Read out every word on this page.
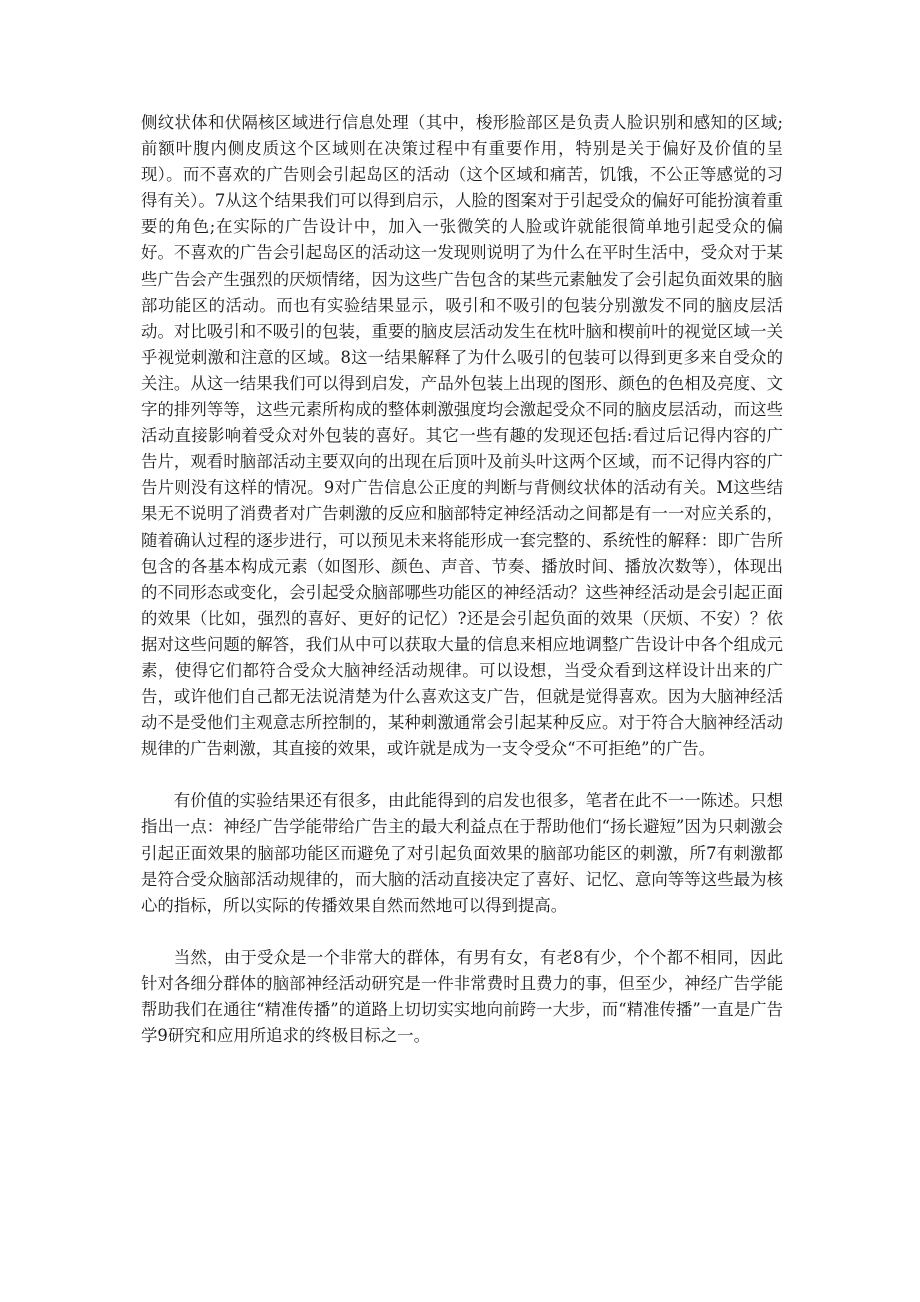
侧纹状体和伏隔核区域进行信息处理（其中，梭形脸部区是负责人脸识别和感知的区域;前额叶腹内侧皮质这个区域则在决策过程中有重要作用，特别是关于偏好及价值的呈现）。而不喜欢的广告则会引起岛区的活动（这个区域和痛苦，饥饿，不公正等感觉的习得有关）。7从这个结果我们可以得到启示，人脸的图案对于引起受众的偏好可能扮演着重要的角色;在实际的广告设计中，加入一张微笑的人脸或许就能很简单地引起受众的偏好。不喜欢的广告会引起岛区的活动这一发现则说明了为什么在平时生活中，受众对于某些广告会产生强烈的厌烦情绪，因为这些广告包含的某些元素触发了会引起负面效果的脑部功能区的活动。而也有实验结果显示，吸引和不吸引的包装分别激发不同的脑皮层活动。对比吸引和不吸引的包装，重要的脑皮层活动发生在枕叶脑和楔前叶的视觉区域一关乎视觉刺激和注意的区域。8这一结果解释了为什么吸引的包装可以得到更多来自受众的关注。从这一结果我们可以得到启发，产品外包装上出现的图形、颜色的色相及亮度、文字的排列等等，这些元素所构成的整体刺激强度均会激起受众不同的脑皮层活动，而这些活动直接影响着受众对外包装的喜好。其它一些有趣的发现还包括:看过后记得内容的广告片，观看时脑部活动主要双向的出现在后顶叶及前头叶这两个区域，而不记得内容的广告片则没有这样的情况。9对广告信息公正度的判断与背侧纹状体的活动有关。M这些结果无不说明了消费者对广告刺激的反应和脑部特定神经活动之间都是有一一对应关系的，随着确认过程的逐步进行，可以预见未来将能形成一套完整的、系统性的解释：即广告所包含的各基本构成元素（如图形、颜色、声音、节奏、播放时间、播放次数等），体现出的不同形态或变化，会引起受众脑部哪些功能区的神经活动？这些神经活动是会引起正面的效果（比如，强烈的喜好、更好的记忆）?还是会引起负面的效果（厌烦、不安）？依据对这些问题的解答，我们从中可以获取大量的信息来相应地调整广告设计中各个组成元素，使得它们都符合受众大脑神经活动规律。可以设想，当受众看到这样设计出来的广告，或许他们自己都无法说清楚为什么喜欢这支广告，但就是觉得喜欢。因为大脑神经活动不是受他们主观意志所控制的，某种刺激通常会引起某种反应。对于符合大脑神经活动规律的广告刺激，其直接的效果，或许就是成为一支令受众“不可拒绝”的广告。

有价值的实验结果还有很多，由此能得到的启发也很多，笔者在此不一一陈述。只想指出一点：神经广告学能带给广告主的最大利益点在于帮助他们“扬长避短”因为只刺激会引起正面效果的脑部功能区而避免了对引起负面效果的脑部功能区的刺激，所7有刺激都是符合受众脑部活动规律的，而大脑的活动直接决定了喜好、记忆、意向等等这些最为核心的指标，所以实际的传播效果自然而然地可以得到提高。

当然，由于受众是一个非常大的群体，有男有女，有老8有少，个个都不相同，因此针对各细分群体的脑部神经活动研究是一件非常费时且费力的事，但至少，神经广告学能帮助我们在通往“精准传播”的道路上切切实实地向前跨一大步，而“精准传播”一直是广告学9研究和应用所追求的终极目标之一。
